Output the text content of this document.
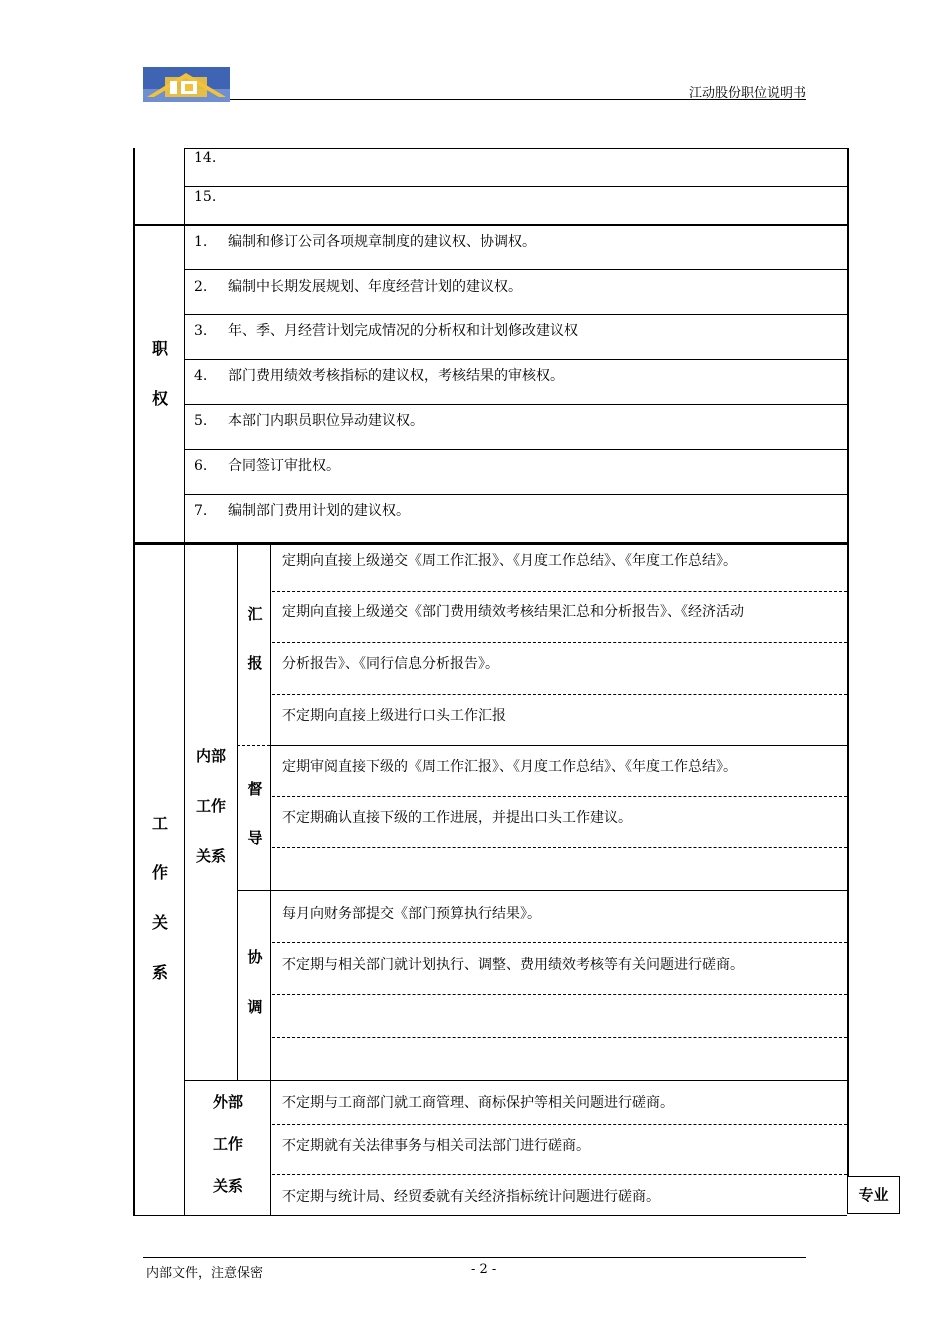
江动股份职位说明书
14.
15.
职
权
1. 编制和修订公司各项规章制度的建议权、协调权。
2. 编制中长期发展规划、年度经营计划的建议权。
3. 年、季、月经营计划完成情况的分析权和计划修改建议权
4. 部门费用绩效考核指标的建议权，考核结果的审核权。
5. 本部门内职员职位异动建议权。
6. 合同签订审批权。
7. 编制部门费用计划的建议权。
工
作
关
系
内部
工作
关系
汇
报
定期向直接上级递交《周工作汇报》、《月度工作总结》、《年度工作总结》。
定期向直接上级递交《部门费用绩效考核结果汇总和分析报告》、《经济活动
分析报告》、《同行信息分析报告》。
不定期向直接上级进行口头工作汇报
督
导
定期审阅直接下级的《周工作汇报》、《月度工作总结》、《年度工作总结》。
不定期确认直接下级的工作进展，并提出口头工作建议。
协
调
每月向财务部提交《部门预算执行结果》。
不定期与相关部门就计划执行、调整、费用绩效考核等有关问题进行磋商。
外部
工作
关系
不定期与工商部门就工商管理、商标保护等相关问题进行磋商。
不定期就有关法律事务与相关司法部门进行磋商。
不定期与统计局、经贸委就有关经济指标统计问题进行磋商。	专业
内部文件，注意保密	- 2 -
